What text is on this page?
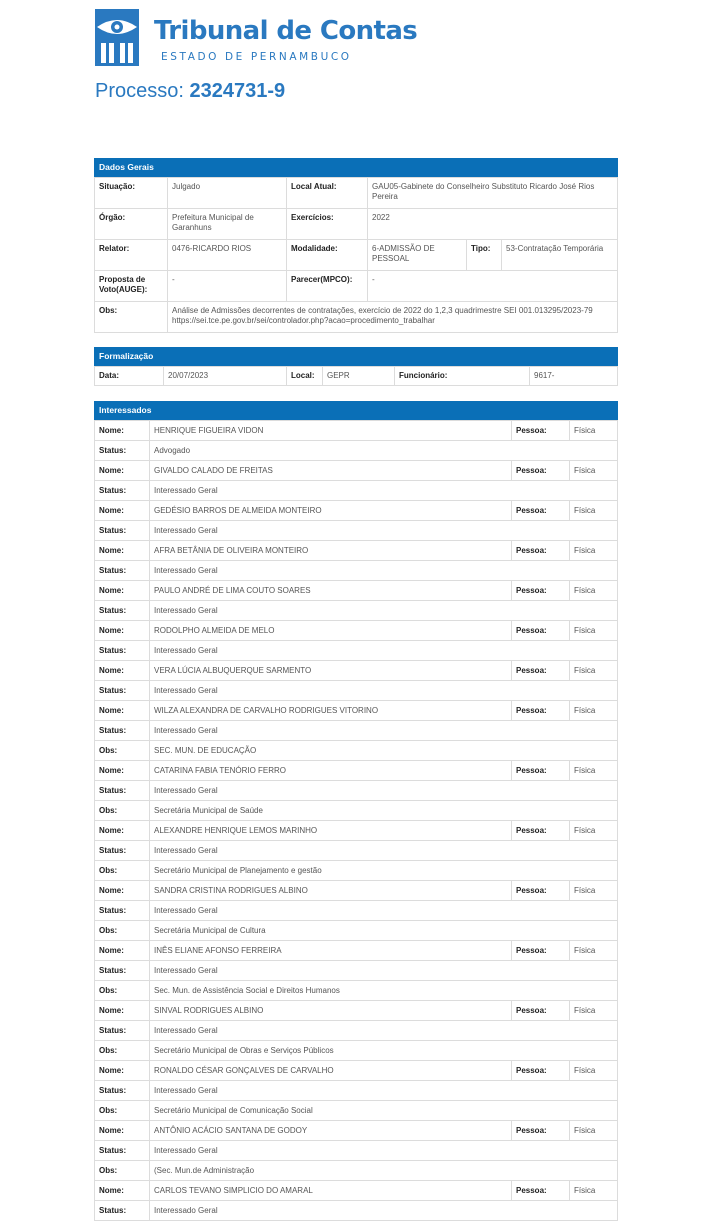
Tribunal de Contas
ESTADO DE PERNAMBUCO
Processo: 2324731-9
Dados Gerais
Situação:	Julgado	Local Atual:	GAU05-Gabinete do Conselheiro Substituto Ricardo José Rios Pereira		
Órgão:	Prefeitura Municipal de Garanhuns	Exercícios:	2022		
Relator:	0476-RICARDO RIOS	Modalidade:	6-ADMISSÃO DE PESSOAL	Tipo:	53-Contratação Temporária
Proposta de Voto(AUGE):	-	Parecer(MPCO):	-		
Obs:	Análise de Admissões decorrentes de contratações, exercício de 2022 do 1,2,3 quadrimestre SEI 001.013295/2023-79 https://sei.tce.pe.gov.br/sei/controlador.php?acao=procedimento_trabalhar				
Formalização
Data:	20/07/2023	Local:	GEPR	Funcionário:	9617-
Interessados
Nome:	HENRIQUE FIGUEIRA VIDON	Pessoa:	Física
Status:	Advogado		
Nome:	GIVALDO CALADO DE FREITAS	Pessoa:	Física
Status:	Interessado Geral		
Nome:	GEDÉSIO BARROS DE ALMEIDA MONTEIRO	Pessoa:	Física
Status:	Interessado Geral		
Nome:	AFRA BETÂNIA DE OLIVEIRA MONTEIRO	Pessoa:	Física
Status:	Interessado Geral		
Nome:	PAULO ANDRÉ DE LIMA COUTO SOARES	Pessoa:	Física
Status:	Interessado Geral		
Nome:	RODOLPHO ALMEIDA DE MELO	Pessoa:	Física
Status:	Interessado Geral		
Nome:	VERA LÚCIA ALBUQUERQUE SARMENTO	Pessoa:	Física
Status:	Interessado Geral		
Nome:	WILZA ALEXANDRA DE CARVALHO RODRIGUES VITORINO	Pessoa:	Física
Status:	Interessado Geral		
Obs:	SEC. MUN. DE EDUCAÇÃO		
Nome:	CATARINA FABIA TENÓRIO FERRO	Pessoa:	Física
Status:	Interessado Geral		
Obs:	Secretária Municipal de Saúde		
Nome:	ALEXANDRE HENRIQUE LEMOS MARINHO	Pessoa:	Física
Status:	Interessado Geral		
Obs:	Secretário Municipal de Planejamento e gestão		
Nome:	SANDRA CRISTINA RODRIGUES ALBINO	Pessoa:	Física
Status:	Interessado Geral		
Obs:	Secretária Municipal de Cultura		
Nome:	INÊS ELIANE AFONSO FERREIRA	Pessoa:	Física
Status:	Interessado Geral		
Obs:	Sec. Mun. de Assistência Social e Direitos Humanos		
Nome:	SINVAL RODRIGUES ALBINO	Pessoa:	Física
Status:	Interessado Geral		
Obs:	Secretário Municipal de Obras e Serviços Públicos		
Nome:	RONALDO CÉSAR GONÇALVES DE CARVALHO	Pessoa:	Física
Status:	Interessado Geral		
Obs:	Secretário Municipal de Comunicação Social		
Nome:	ANTÔNIO ACÁCIO SANTANA DE GODOY	Pessoa:	Física
Status:	Interessado Geral		
Obs:	(Sec. Mun.de Administração		
Nome:	CARLOS TEVANO SIMPLICIO DO AMARAL	Pessoa:	Física
Status:	Interessado Geral		
